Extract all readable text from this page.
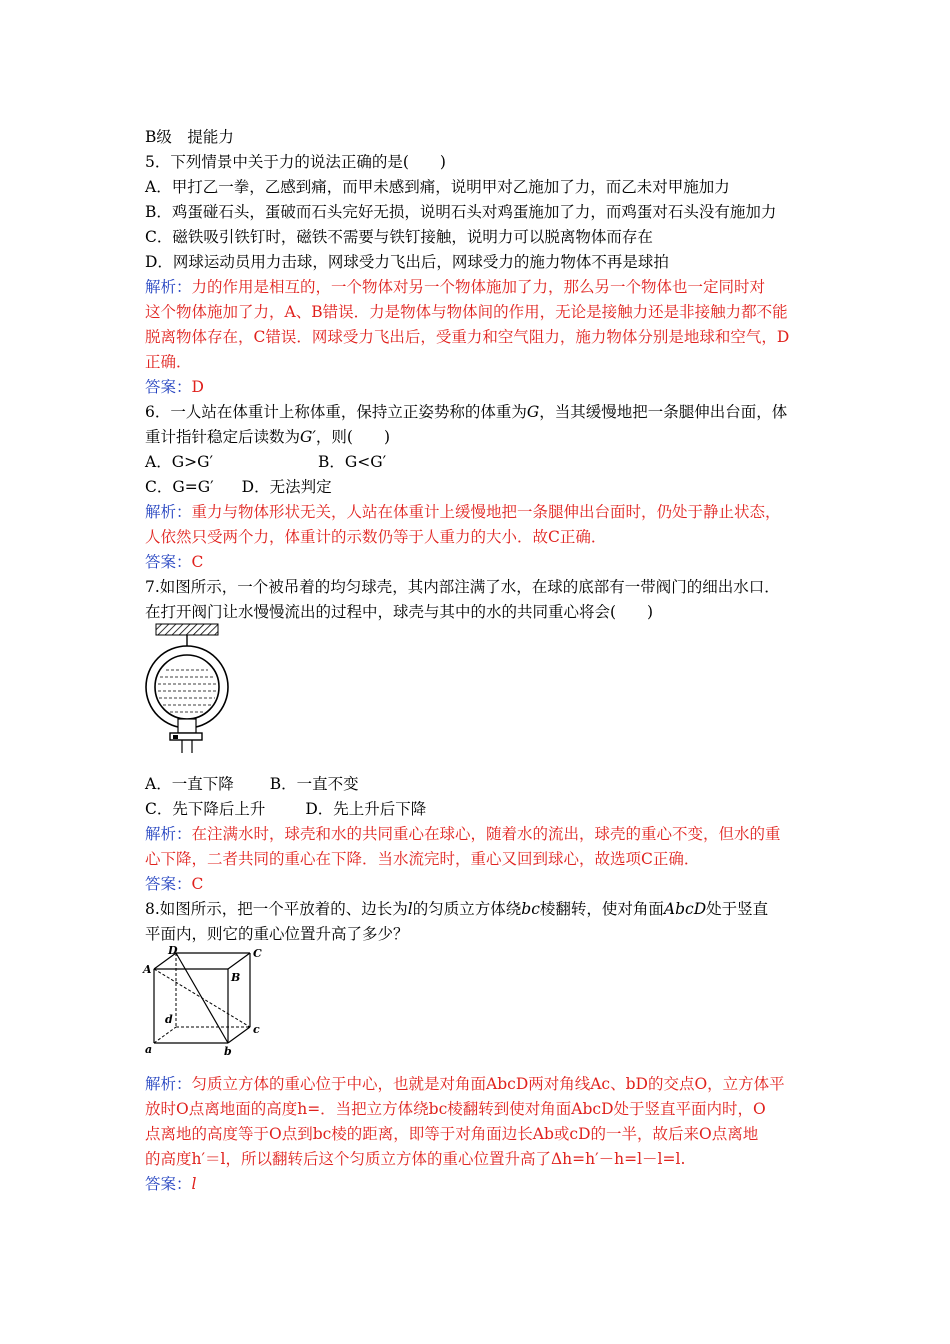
B级　提能力
5．下列情景中关于力的说法正确的是(　　)
A．甲打乙一拳，乙感到痛，而甲未感到痛，说明甲对乙施加了力，而乙未对甲施加力
B．鸡蛋碰石头，蛋破而石头完好无损，说明石头对鸡蛋施加了力，而鸡蛋对石头没有施加力
C．磁铁吸引铁钉时，磁铁不需要与铁钉接触，说明力可以脱离物体而存在
D．网球运动员用力击球，网球受力飞出后，网球受力的施力物体不再是球拍
解析：力的作用是相互的，一个物体对另一个物体施加了力，那么另一个物体也一定同时对
这个物体施加了力，A、B错误．力是物体与物体间的作用，无论是接触力还是非接触力都不能
脱离物体存在，C错误．网球受力飞出后，受重力和空气阻力，施力物体分别是地球和空气，D
正确．
答案：D
6．一人站在体重计上称体重，保持立正姿势称的体重为G，当其缓慢地把一条腿伸出台面，体
重计指针稳定后读数为G′，则(　　)
A．G>G′	B．G<G′
C．G=G′ D．无法判定
解析：重力与物体形状无关，人站在体重计上缓慢地把一条腿伸出台面时，仍处于静止状态，
人依然只受两个力，体重计的示数仍等于人重力的大小．故C正确．
答案：C
7.如图所示，一个被吊着的均匀球壳，其内部注满了水，在球的底部有一带阀门的细出水口．
在打开阀门让水慢慢流出的过程中，球壳与其中的水的共同重心将会(　　)
A．一直下降 B．一直不变
C．先下降后上升	D．先上升后下降
解析：在注满水时，球壳和水的共同重心在球心，随着水的流出，球壳的重心不变，但水的重
心下降，二者共同的重心在下降．当水流完时，重心又回到球心，故选项C正确．
答案：C
8.如图所示，把一个平放着的、边长为l的匀质立方体绕bc棱翻转，使对角面AbcD处于竖直
平面内，则它的重心位置升高了多少？
D	C
A
B
d
c
a	b
解析：匀质立方体的重心位于中心，也就是对角面AbcD两对角线Ac、bD的交点O，立方体平
放时O点离地面的高度h=．当把立方体绕bc棱翻转到使对角面AbcD处于竖直平面内时，O
点离地的高度等于O点到bc棱的距离，即等于对角面边长Ab或cD的一半，故后来O点离地
的高度h′＝l，所以翻转后这个匀质立方体的重心位置升高了Δh=h′－h=l－l=l.
答案：l
